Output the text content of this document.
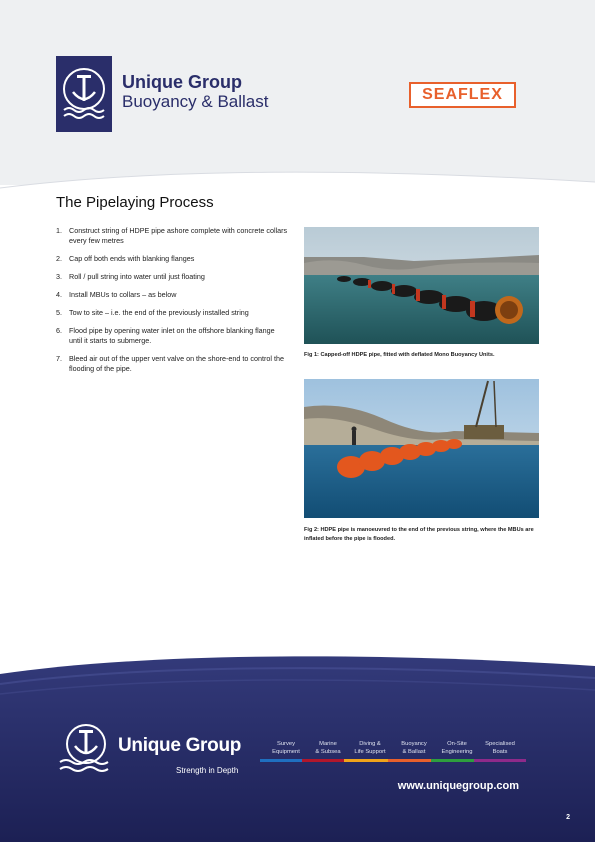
Unique Group
Buoyancy & Ballast	SEAFLEX
The Pipelaying Process
1. Construct string of HDPE pipe ashore complete with concrete collars every few metres
2. Cap off both ends with blanking flanges
3. Roll / pull string into water until just floating
4. Install MBUs to collars – as below
5. Tow to site – i.e. the end of the previously installed string
6. Flood pipe by opening water inlet on the offshore blanking flange until it starts to submerge.
7. Bleed air out of the upper vent valve on the shore-end to control the flooding of the pipe.
Fig 1: Capped-off HDPE pipe, fitted with deflated Mono Buoyancy Units.
Fig 2: HDPE pipe is manoeuvred to the end of the previous string, where the MBUs are inflated before the pipe is flooded.
Unique Group
Strength in Depth
Survey
Equipment
Marine
& Subsea
Diving &
Life Support
Buoyancy
& Ballast
On-Site
Engineering
Specialised
Boats
www.uniquegroup.com
2
